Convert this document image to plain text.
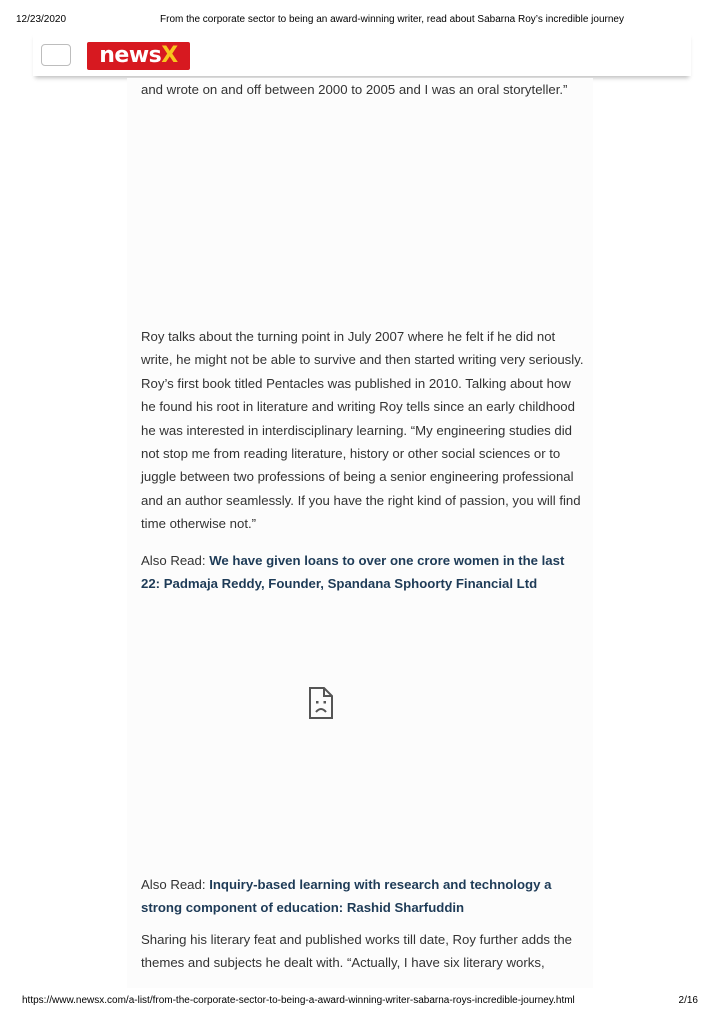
12/23/2020	From the corporate sector to being an award-winning writer, read about Sabarna Roy’s incredible journey
newsX
and wrote on and off between 2000 to 2005 and I was an oral storyteller.”

Roy talks about the turning point in July 2007 where he felt if he did not write, he might not be able to survive and then started writing very seriously. Roy’s first book titled Pentacles was published in 2010. Talking about how he found his root in literature and writing Roy tells since an early childhood he was interested in interdisciplinary learning. “My engineering studies did not stop me from reading literature, history or other social sciences or to juggle between two professions of being a senior engineering professional and an author seamlessly. If you have the right kind of passion, you will find time otherwise not.”

Also Read: We have given loans to over one crore women in the last 22: Padmaja Reddy, Founder, Spandana Sphoorty Financial Ltd

Also Read: Inquiry-based learning with research and technology a strong component of education: Rashid Sharfuddin

Sharing his literary feat and published works till date, Roy further adds the themes and subjects he dealt with. “Actually, I have six literary works,

https://www.newsx.com/a-list/from-the-corporate-sector-to-being-a-award-winning-writer-sabarna-roys-incredible-journey.html	2/16
